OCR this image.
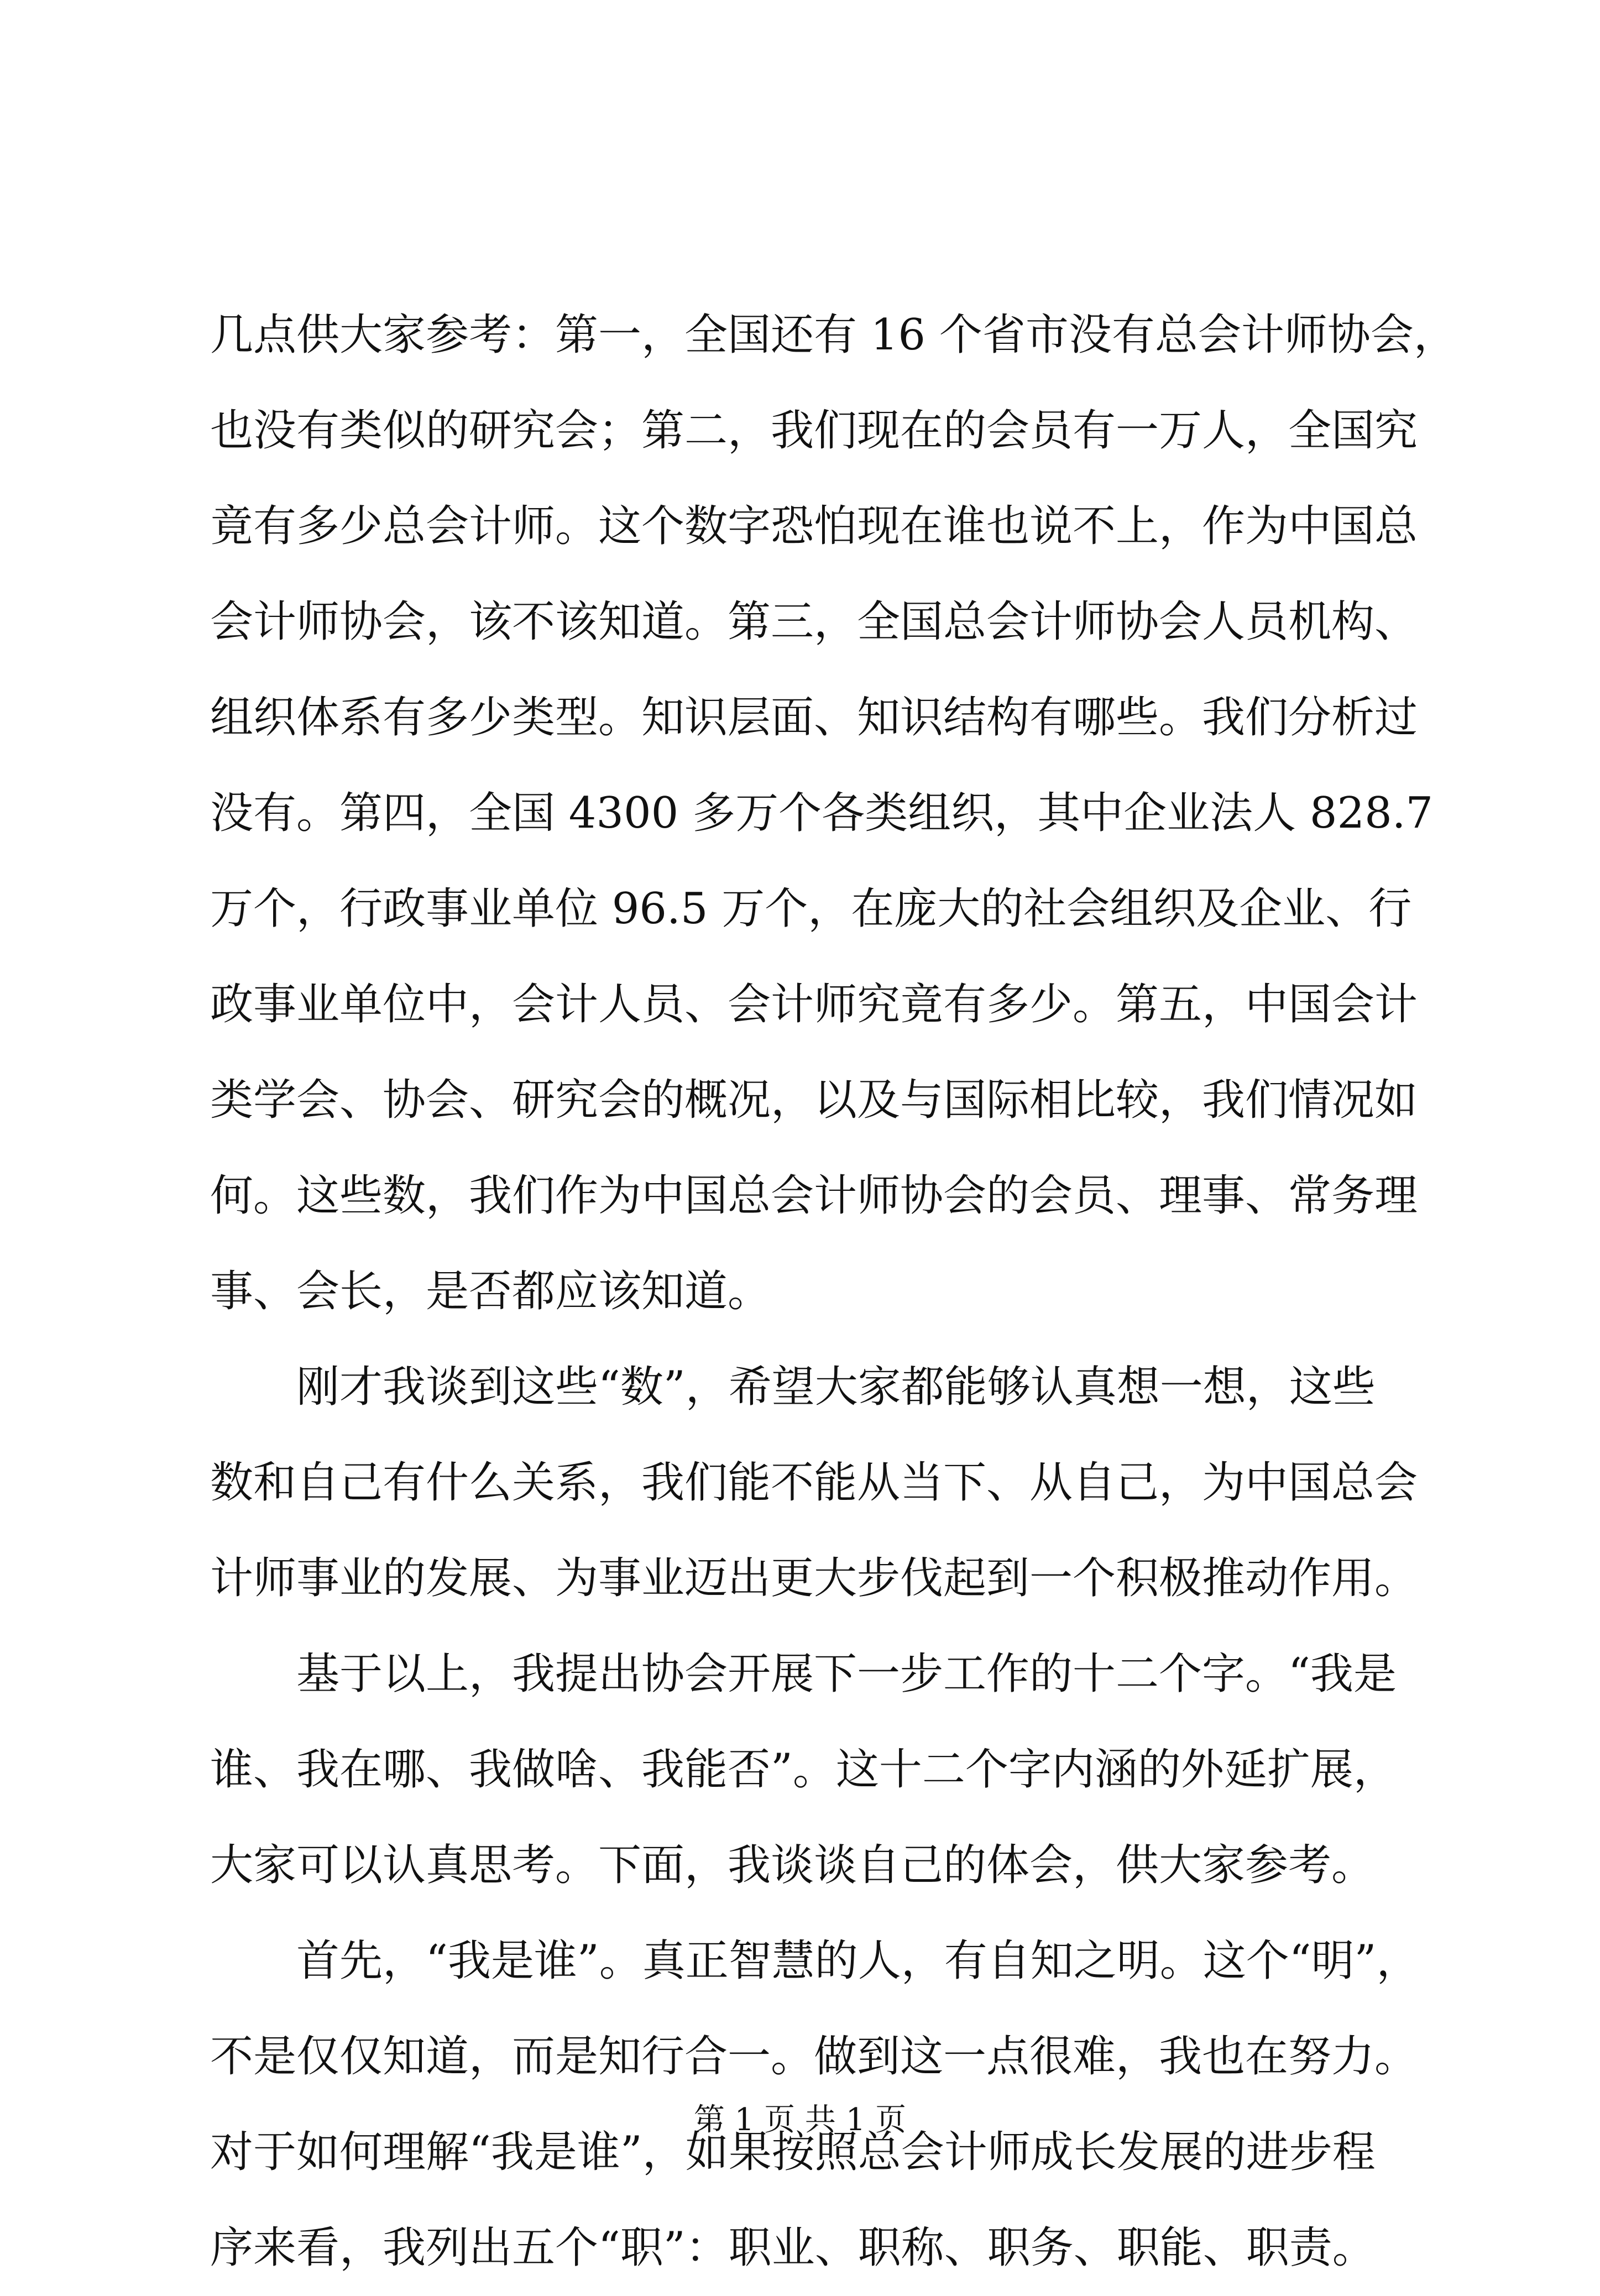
几点供大家参考：第一，全国还有 16 个省市没有总会计师协会，
也没有类似的研究会；第二，我们现在的会员有一万人，全国究
竟有多少总会计师。这个数字恐怕现在谁也说不上，作为中国总
会计师协会，该不该知道。第三，全国总会计师协会人员机构、
组织体系有多少类型。知识层面、知识结构有哪些。我们分析过
没有。第四，全国 4300 多万个各类组织，其中企业法人 828.7
万个，行政事业单位 96.5 万个，在庞大的社会组织及企业、行
政事业单位中，会计人员、会计师究竟有多少。第五，中国会计
类学会、协会、研究会的概况，以及与国际相比较，我们情况如
何。这些数，我们作为中国总会计师协会的会员、理事、常务理
事、会长，是否都应该知道。
刚才我谈到这些“数”，希望大家都能够认真想一想，这些
数和自己有什么关系，我们能不能从当下、从自己，为中国总会
计师事业的发展、为事业迈出更大步伐起到一个积极推动作用。
基于以上，我提出协会开展下一步工作的十二个字。“我是
谁、我在哪、我做啥、我能否”。这十二个字内涵的外延扩展，
大家可以认真思考。下面，我谈谈自己的体会，供大家参考。
首先，“我是谁”。真正智慧的人，有自知之明。这个“明”，
不是仅仅知道，而是知行合一。做到这一点很难，我也在努力。
对于如何理解“我是谁”，如果按照总会计师成长发展的进步程
序来看，我列出五个“职”：职业、职称、职务、职能、职责。
第 1 页 共 1 页
